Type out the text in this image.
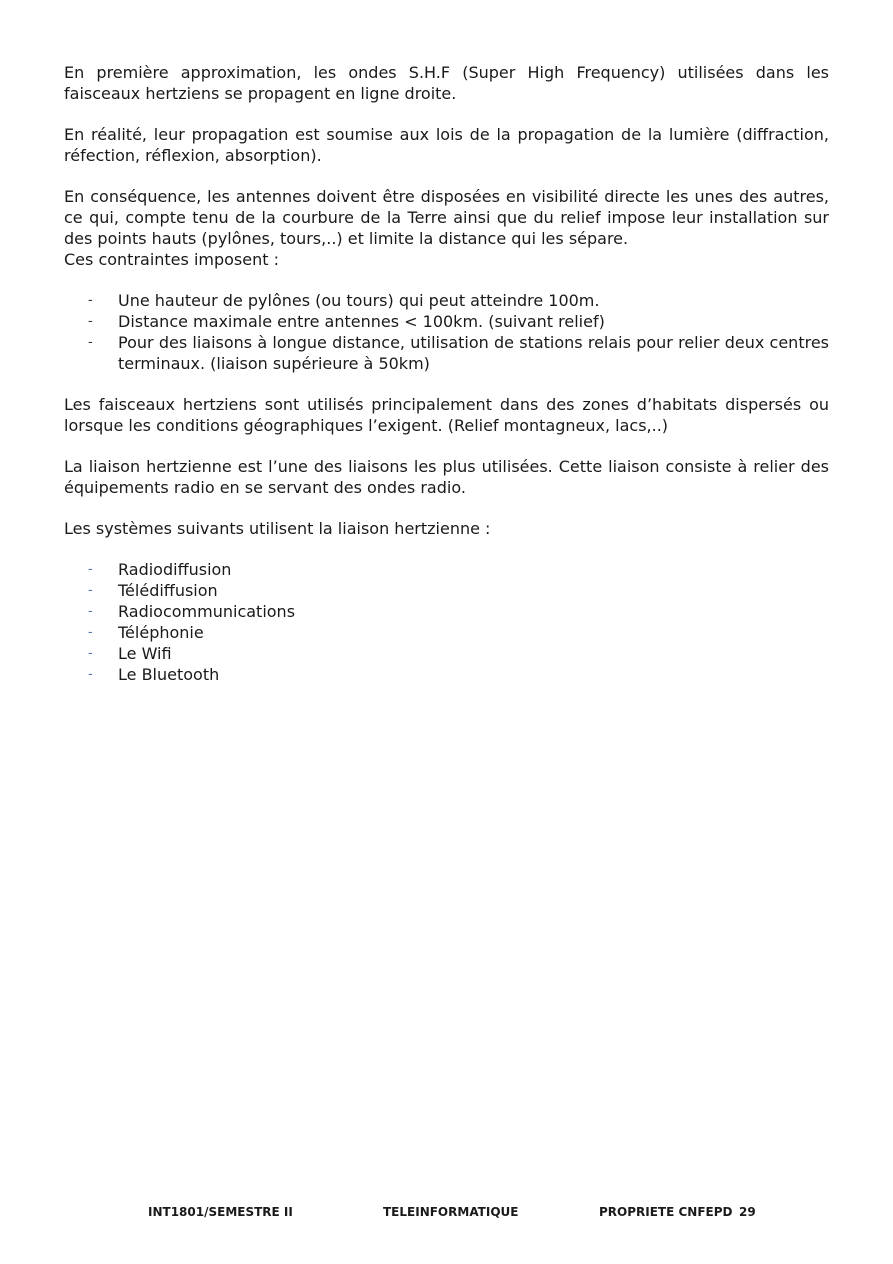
En première approximation, les ondes S.H.F (Super High Frequency) utilisées dans les faisceaux hertziens se propagent en ligne droite.

En réalité, leur propagation est soumise aux lois de la propagation de la lumière (diffraction, réfection, réflexion, absorption).

En conséquence, les antennes doivent être disposées en visibilité directe les unes des autres, ce qui, compte tenu de la courbure de la Terre ainsi que du relief impose leur installation sur des points hauts (pylônes, tours,..) et limite la distance qui les sépare.

Ces contraintes imposent :

- Une hauteur de pylônes (ou tours) qui peut atteindre 100m.
- Distance maximale entre antennes < 100km. (suivant relief)
- Pour des liaisons à longue distance, utilisation de stations relais pour relier deux centres terminaux. (liaison supérieure à 50km)

Les faisceaux hertziens sont utilisés principalement dans des zones d’habitats dispersés ou lorsque les conditions géographiques l’exigent. (Relief montagneux, lacs,..)

La liaison hertzienne est l’une des liaisons les plus utilisées. Cette liaison consiste à relier des équipements radio en se servant des ondes radio.

Les systèmes suivants utilisent la liaison hertzienne :

- Radiodiffusion
- Télédiffusion
- Radiocommunications
- Téléphonie
- Le Wifi
- Le Bluetooth
INT1801/SEMESTRE II	TELEINFORMATIQUE	PROPRIETE CNFEPD 29
